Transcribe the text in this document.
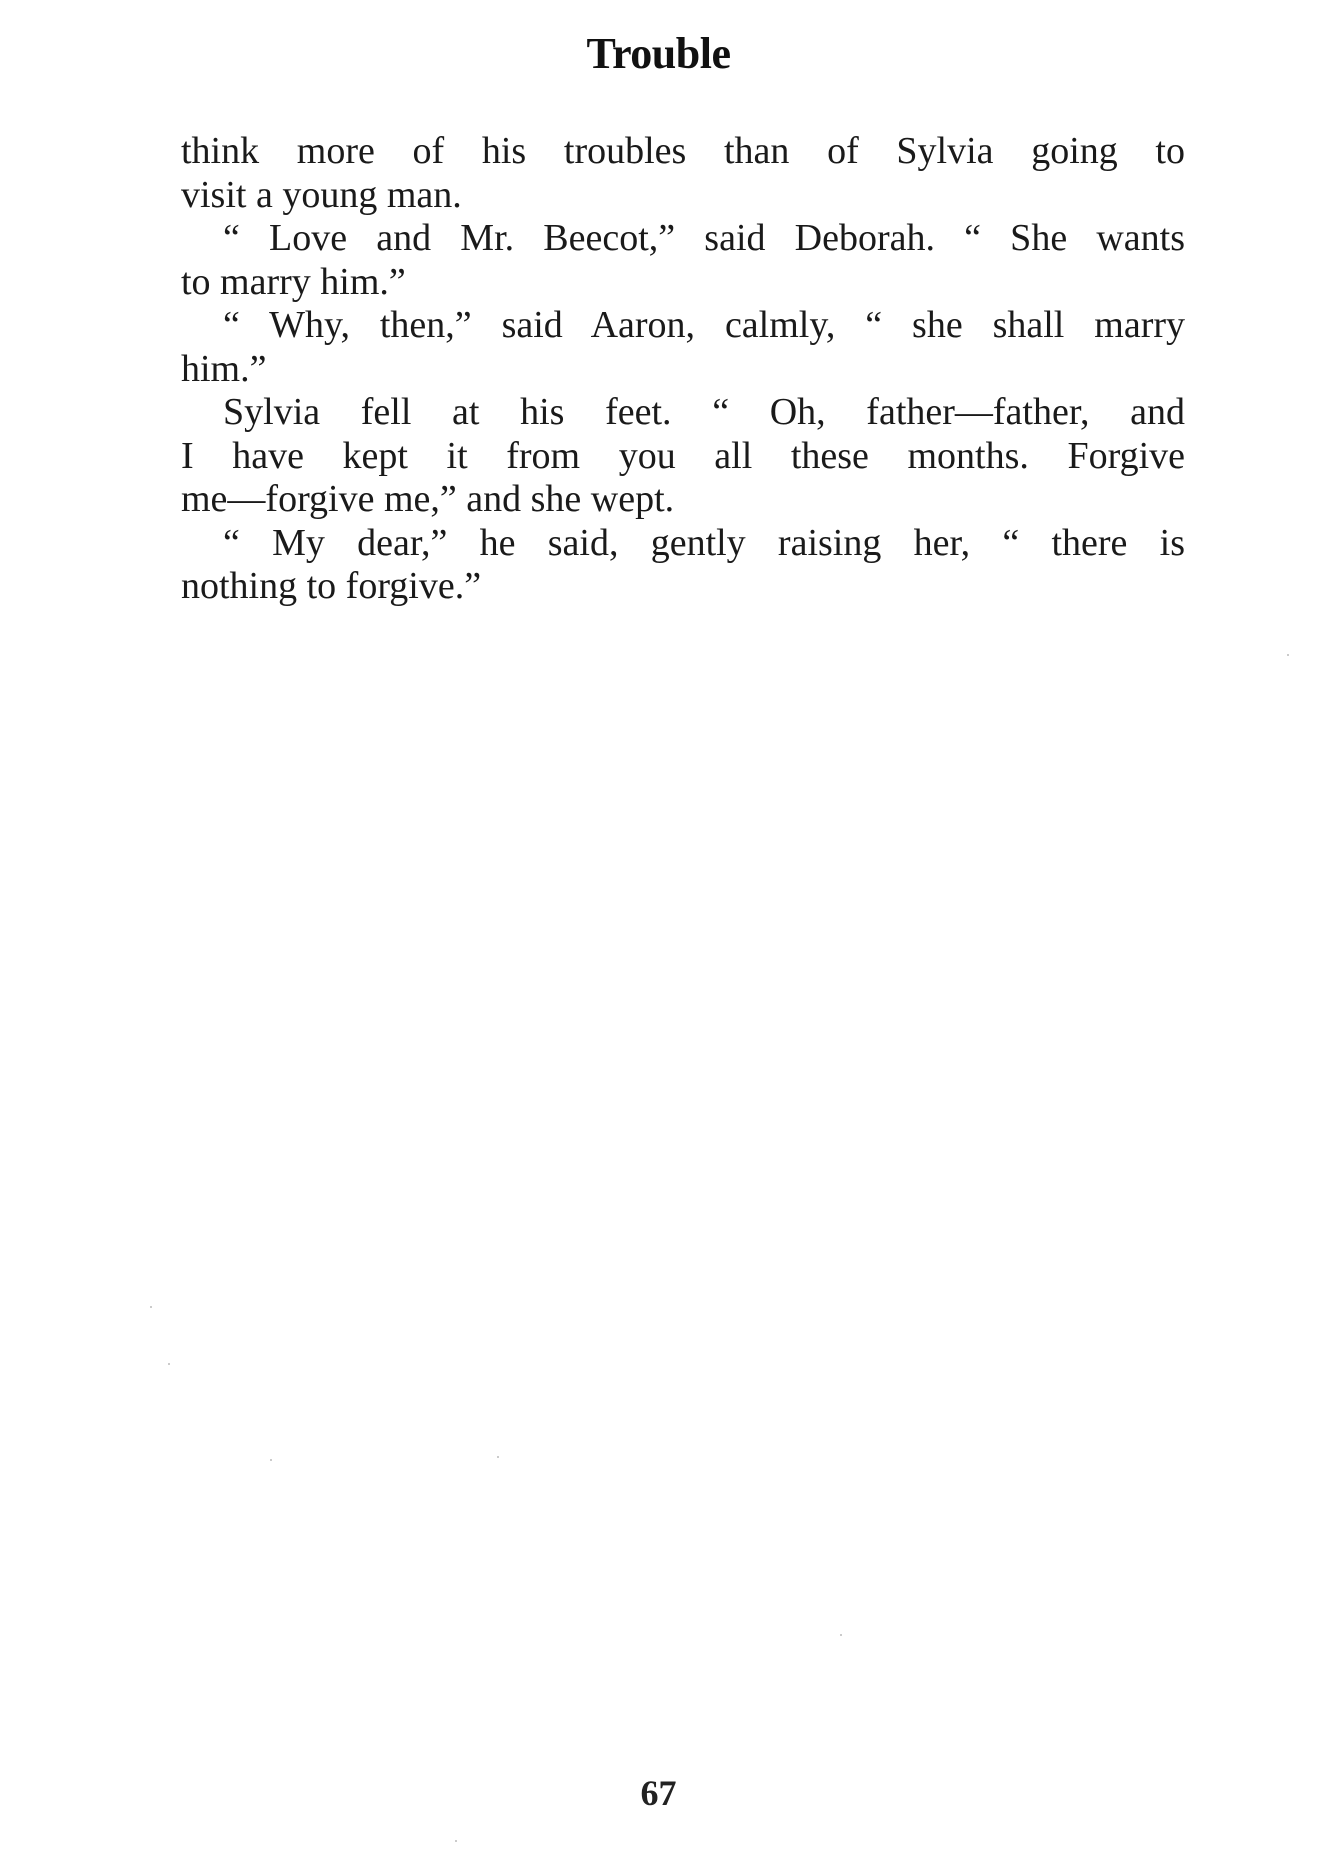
Trouble
think more of his troubles than of Sylvia going to
visit a young man.
“ Love and Mr. Beecot,” said Deborah. “ She wants
to marry him.”
“ Why, then,” said Aaron, calmly, “ she shall marry
him.”
Sylvia fell at his feet. “ Oh, father—father, and
I have kept it from you all these months. Forgive
me—forgive me,” and she wept.
“ My dear,” he said, gently raising her, “ there is
nothing to forgive.”
67
